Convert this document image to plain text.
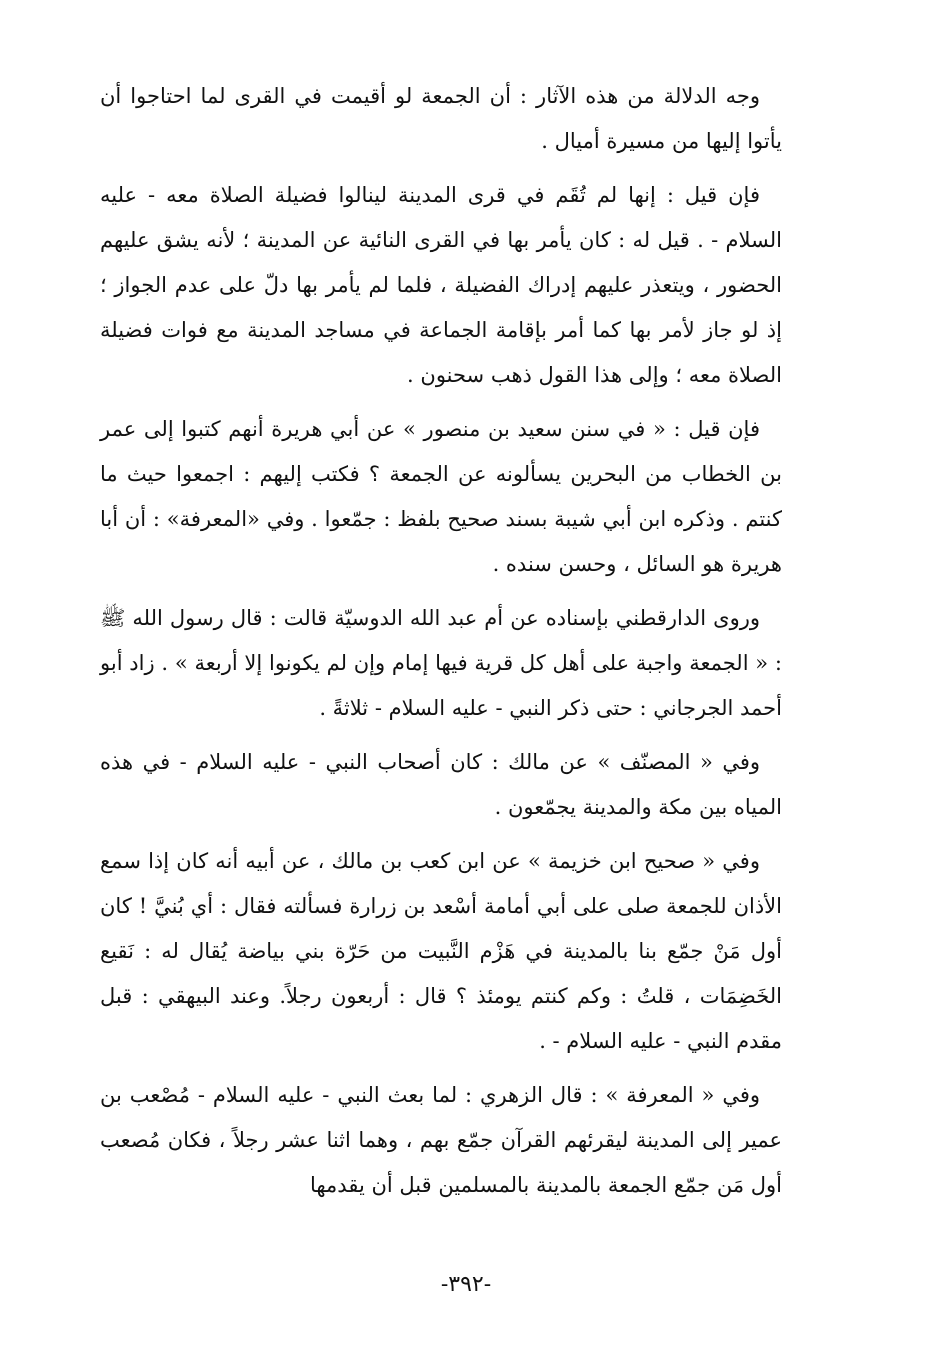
وجه الدلالة من هذه الآثار : أن الجمعة لو أقيمت في القرى لما احتاجوا أن يأتوا إليها من مسيرة أميال .

فإن قيل : إنها لم تُقَم في قرى المدينة لينالوا فضيلة الصلاة معه - عليه السلام - . قيل له : كان يأمر بها في القرى النائية عن المدينة ؛ لأنه يشق عليهم الحضور ، ويتعذر عليهم إدراك الفضيلة ، فلما لم يأمر بها دلّ على عدم الجواز ؛ إذ لو جاز لأمر بها كما أمر بإقامة الجماعة في مساجد المدينة مع فوات فضيلة الصلاة معه ؛ وإلى هذا القول ذهب سحنون .

فإن قيل : « في سنن سعيد بن منصور » عن أبي هريرة أنهم كتبوا إلى عمر بن الخطاب من البحرين يسألونه عن الجمعة ؟ فكتب إليهم : اجمعوا حيث ما كنتم . وذكره ابن أبي شيبة بسند صحيح بلفظ : جمّعوا . وفي «المعرفة» : أن أبا هريرة هو السائل ، وحسن سنده .

وروى الدارقطني بإسناده عن أم عبد الله الدوسيّة قالت : قال رسول الله ﷺ : « الجمعة واجبة على أهل كل قرية فيها إمام وإن لم يكونوا إلا أربعة » . زاد أبو أحمد الجرجاني : حتى ذكر النبي - عليه السلام - ثلاثةً .

وفي « المصنّف » عن مالك : كان أصحاب النبي - عليه السلام - في هذه المياه بين مكة والمدينة يجمّعون .

وفي « صحيح ابن خزيمة » عن ابن كعب بن مالك ، عن أبيه أنه كان إذا سمع الأذان للجمعة صلى على أبي أمامة أسْعد بن زرارة فسألته فقال : أي بُنيَّ ! كان أول مَنْ جمّع بنا بالمدينة في هَزْم النَّبيت من حَرّة بني بياضة يُقال له : نَقيع الخَضِمَات ، قلتُ : وكم كنتم يومئذ ؟ قال : أربعون رجلاً. وعند البيهقي : قبل مقدم النبي - عليه السلام - .

وفي « المعرفة » : قال الزهري : لما بعث النبي - عليه السلام - مُصْعب بن عمير إلى المدينة ليقرئهم القرآن جمّع بهم ، وهما اثنا عشر رجلاً ، فكان مُصعب أول مَن جمّع الجمعة بالمدينة بالمسلمين قبل أن يقدمها

-٣٩٢-
